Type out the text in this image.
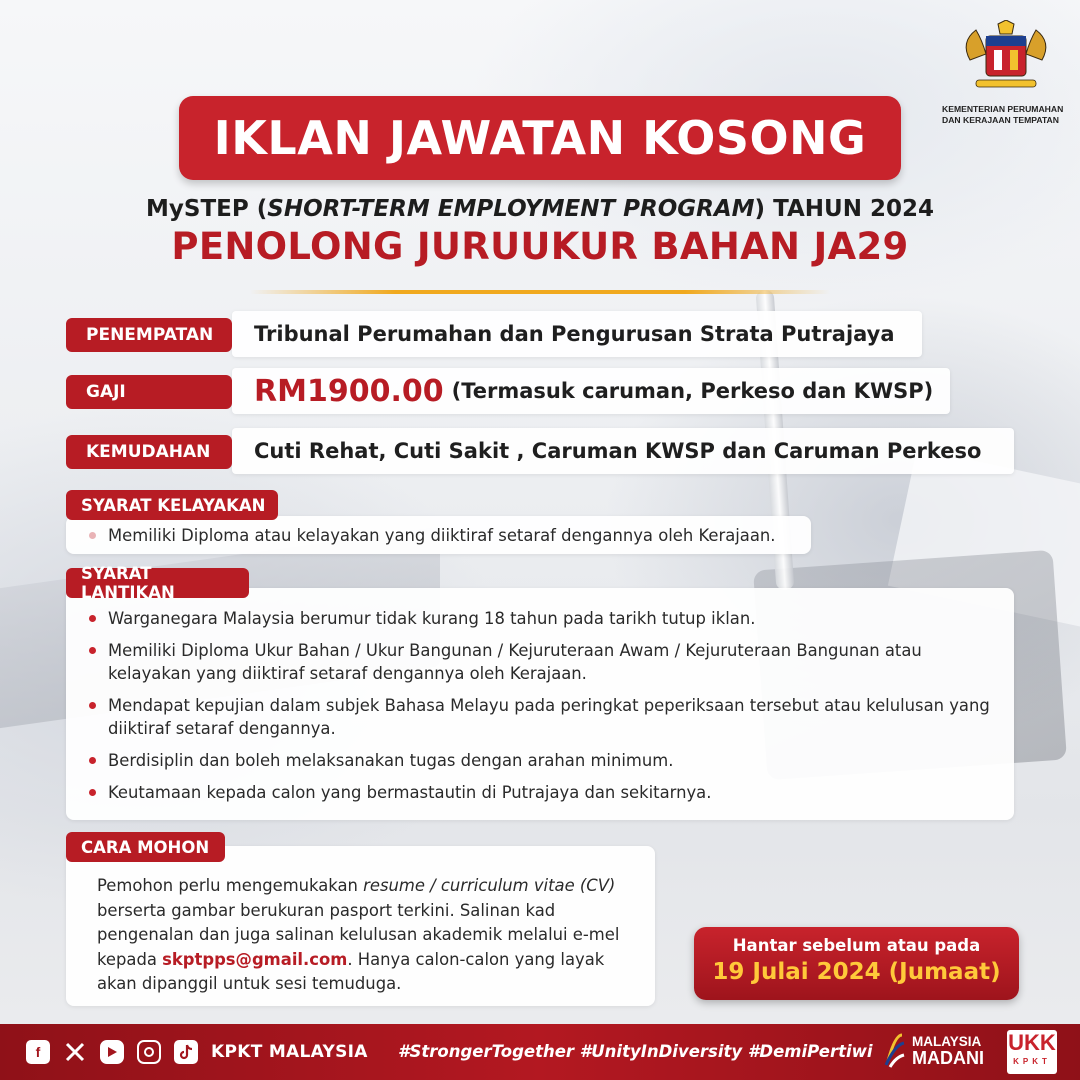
KEMENTERIAN PERUMAHAN
DAN KERAJAAN TEMPATAN
IKLAN JAWATAN KOSONG
MySTEP (SHORT-TERM EMPLOYMENT PROGRAM) TAHUN 2024
PENOLONG JURUUKUR BAHAN JA29
Tribunal Perumahan dan Pengurusan Strata Putrajaya
PENEMPATAN
RM1900.00 (Termasuk caruman, Perkeso dan KWSP)
GAJI
Cuti Rehat, Cuti Sakit , Caruman KWSP dan Caruman Perkeso
KEMUDAHAN
Memiliki Diploma atau kelayakan yang diiktiraf setaraf dengannya oleh Kerajaan.
SYARAT KELAYAKAN
Warganegara Malaysia berumur tidak kurang 18 tahun pada tarikh tutup iklan.
Memiliki Diploma Ukur Bahan / Ukur Bangunan / Kejuruteraan Awam / Kejuruteraan Bangunan atau kelayakan yang diiktiraf setaraf dengannya oleh Kerajaan.
Mendapat kepujian dalam subjek Bahasa Melayu pada peringkat peperiksaan tersebut atau kelulusan yang diiktiraf setaraf dengannya.
Berdisiplin dan boleh melaksanakan tugas dengan arahan minimum.
Keutamaan kepada calon yang bermastautin di Putrajaya dan sekitarnya.
SYARAT LANTIKAN

Pemohon perlu mengemukakan resume / curriculum vitae (CV) berserta gambar berukuran pasport terkini. Salinan kad pengenalan dan juga salinan kelulusan akademik melalui e-mel kepada skptpps@gmail.com. Hanya calon-calon yang layak akan dipanggil untuk sesi temuduga.

CARA MOHON
Hantar sebelum atau pada
19 Julai 2024 (Jumaat)
f	KPKT MALAYSIA #StrongerTogether #UnityInDiversity #DemiPertiwi
MALAYSIA
MADANI
UKK
KPKT
